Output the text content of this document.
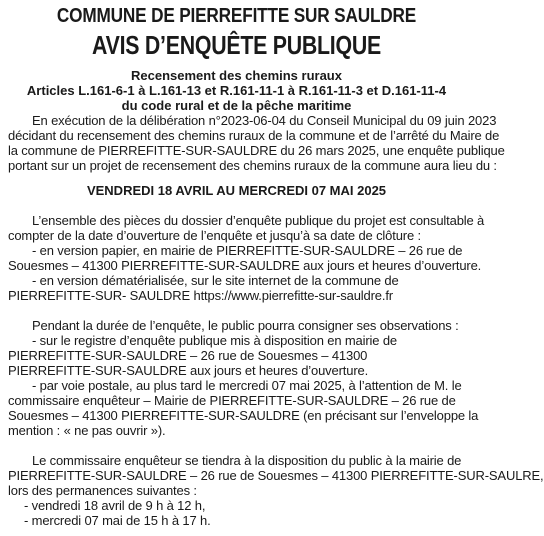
COMMUNE DE PIERREFITTE SUR SAULDRE
AVIS D’ENQUÊTE PUBLIQUE
Recensement des chemins ruraux
Articles L.161-6-1 à L.161-13 et R.161-11-1 à R.161-11-3 et D.161-11-4
du code rural et de la pêche maritime
En exécution de la délibération n°2023-06-04 du Conseil Municipal du 09 juin 2023
décidant du recensement des chemins ruraux de la commune et de l’arrêté du Maire de
la commune de PIERREFITTE-SUR-SAULDRE du 26 mars 2025, une enquête publique
portant sur un projet de recensement des chemins ruraux de la commune aura lieu du :
VENDREDI 18 AVRIL AU MERCREDI 07 MAI 2025
L’ensemble des pièces du dossier d’enquête publique du projet est consultable à
compter de la date d’ouverture de l’enquête et jusqu’à sa date de clôture :
- en version papier, en mairie de PIERREFITTE-SUR-SAULDRE – 26 rue de
Souesmes – 41300 PIERREFITTE-SUR-SAULDRE aux jours et heures d’ouverture.
- en version dématérialisée, sur le site internet de la commune de
PIERREFITTE-SUR- SAULDRE https://www.pierrefitte-sur-sauldre.fr
Pendant la durée de l’enquête, le public pourra consigner ses observations :
- sur le registre d’enquête publique mis à disposition en mairie de
PIERREFITTE-SUR-SAULDRE – 26 rue de Souesmes – 41300
PIERREFITTE-SUR-SAULDRE aux jours et heures d’ouverture.
- par voie postale, au plus tard le mercredi 07 mai 2025, à l’attention de M. le
commissaire enquêteur – Mairie de PIERREFITTE-SUR-SAULDRE – 26 rue de
Souesmes – 41300 PIERREFITTE-SUR-SAULDRE (en précisant sur l’enveloppe la
mention : « ne pas ouvrir »).
Le commissaire enquêteur se tiendra à la disposition du public à la mairie de
PIERREFITTE-SUR-SAULDRE – 26 rue de Souesmes – 41300 PIERREFITTE-SUR-SAULRE,
lors des permanences suivantes :
- vendredi 18 avril de 9 h à 12 h,
- mercredi 07 mai de 15 h à 17 h.
